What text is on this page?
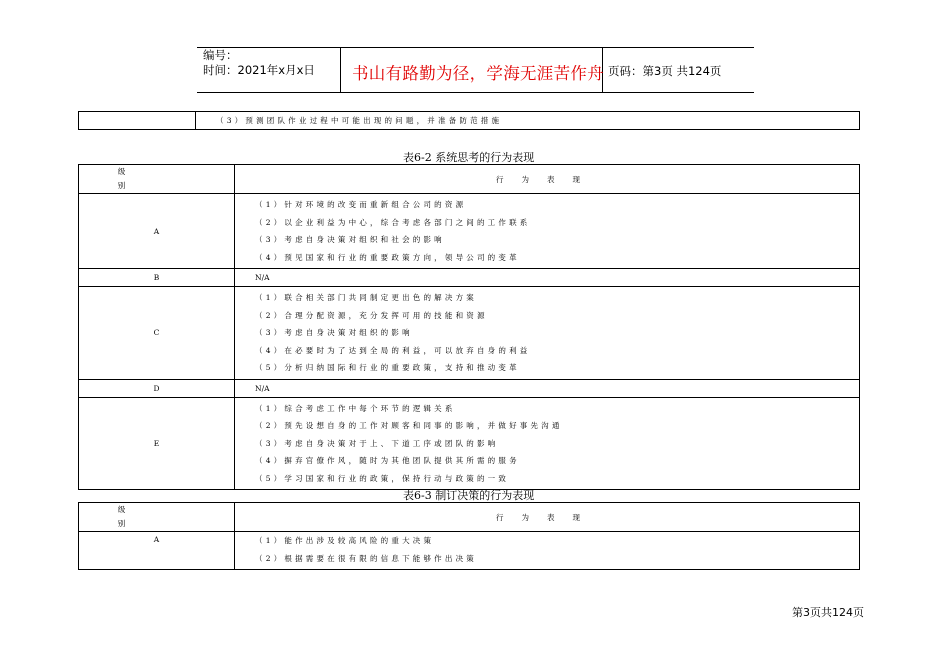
编号：
时间：2021年x月x日 书山有路勤为径，学海无涯苦作舟 页码：第3页 共124页

（3）预测团队作业过程中可能出现的问题，并准备防范措施
表6-2 系统思考的行为表现
级　别	行为表现
A	（1）针对环境的改变而重新组合公司的资源
（2）以企业利益为中心，综合考虑各部门之间的工作联系
（3）考虑自身决策对组织和社会的影响
（4）预见国家和行业的重要政策方向，领导公司的变革

B	N/A

C	（1）联合相关部门共同制定更出色的解决方案
（2）合理分配资源，充分发挥可用的技能和资源
（3）考虑自身决策对组织的影响
（4）在必要时为了达到全局的利益，可以放弃自身的利益
（5）分析归纳国际和行业的重要政策，支持和推动变革

D	N/A

E	（1）综合考虑工作中每个环节的逻辑关系
（2）预先设想自身的工作对顾客和同事的影响，并做好事先沟通
（3）考虑自身决策对于上、下道工序或团队的影响
（4）摒弃官僚作风，随时为其他团队提供其所需的服务
（5）学习国家和行业的政策，保持行动与政策的一致
表6-3 制订决策的行为表现
级　别	行为表现
A	（1）能作出涉及较高风险的重大决策
（2）根据需要在很有限的信息下能够作出决策
第3页共124页
